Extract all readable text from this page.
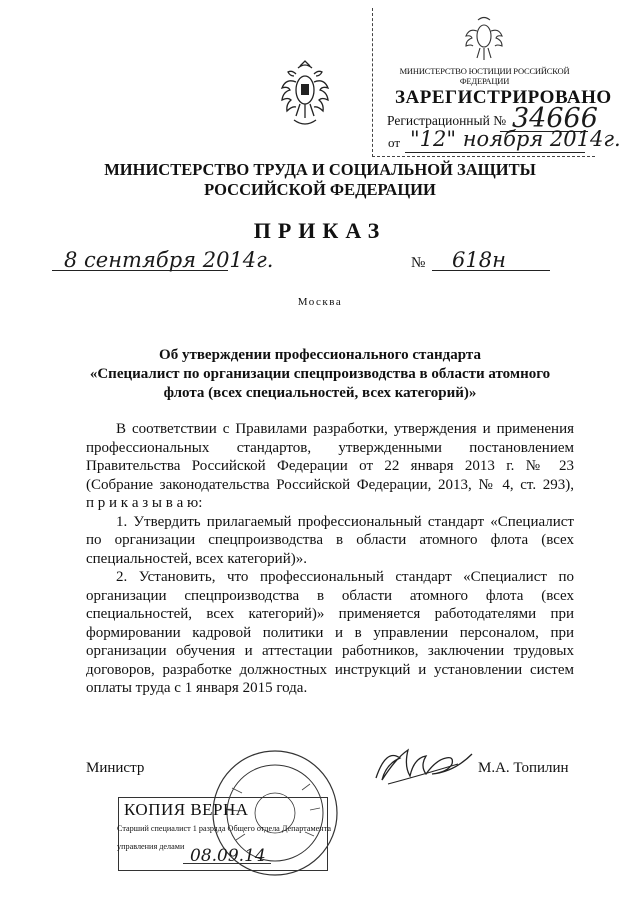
МИНИСТЕРСТВО ЮСТИЦИИ РОССИЙСКОЙ ФЕДЕРАЦИИ
ЗАРЕГИСТРИРОВАНО
Регистрационный № 34666
от "12" ноября 2014г.
МИНИСТЕРСТВО ТРУДА И СОЦИАЛЬНОЙ ЗАЩИТЫ
РОССИЙСКОЙ ФЕДЕРАЦИИ
ПРИКАЗ
8 сентября 2014г.	№ 618н
Москва
Об утверждении профессионального стандарта
«Специалист по организации спецпроизводства в области атомного
флота (всех специальностей, всех категорий)»
В соответствии с Правилами разработки, утверждения и применения
профессиональных стандартов, утвержденными постановлением
Правительства Российской Федерации от 22 января 2013 г. № 23
(Собрание законодательства Российской Федерации, 2013, № 4, ст. 293),
п р и к а з ы в а ю:
1. Утвердить прилагаемый профессиональный стандарт «Специалист
по организации спецпроизводства в области атомного флота (всех
специальностей, всех категорий)».
2. Установить, что профессиональный стандарт «Специалист по
организации спецпроизводства в области атомного флота (всех
специальностей, всех категорий)» применяется работодателями при
формировании кадровой политики и в управлении персоналом, при
организации обучения и аттестации работников, заключении трудовых
договоров, разработке должностных инструкций и установлении систем
оплаты труда с 1 января 2015 года.
Министр	М.А. Топилин
КОПИЯ ВЕРНА
Старший специалист 1 разряда Общего отдела Департамента
управления делами 08.09.14
